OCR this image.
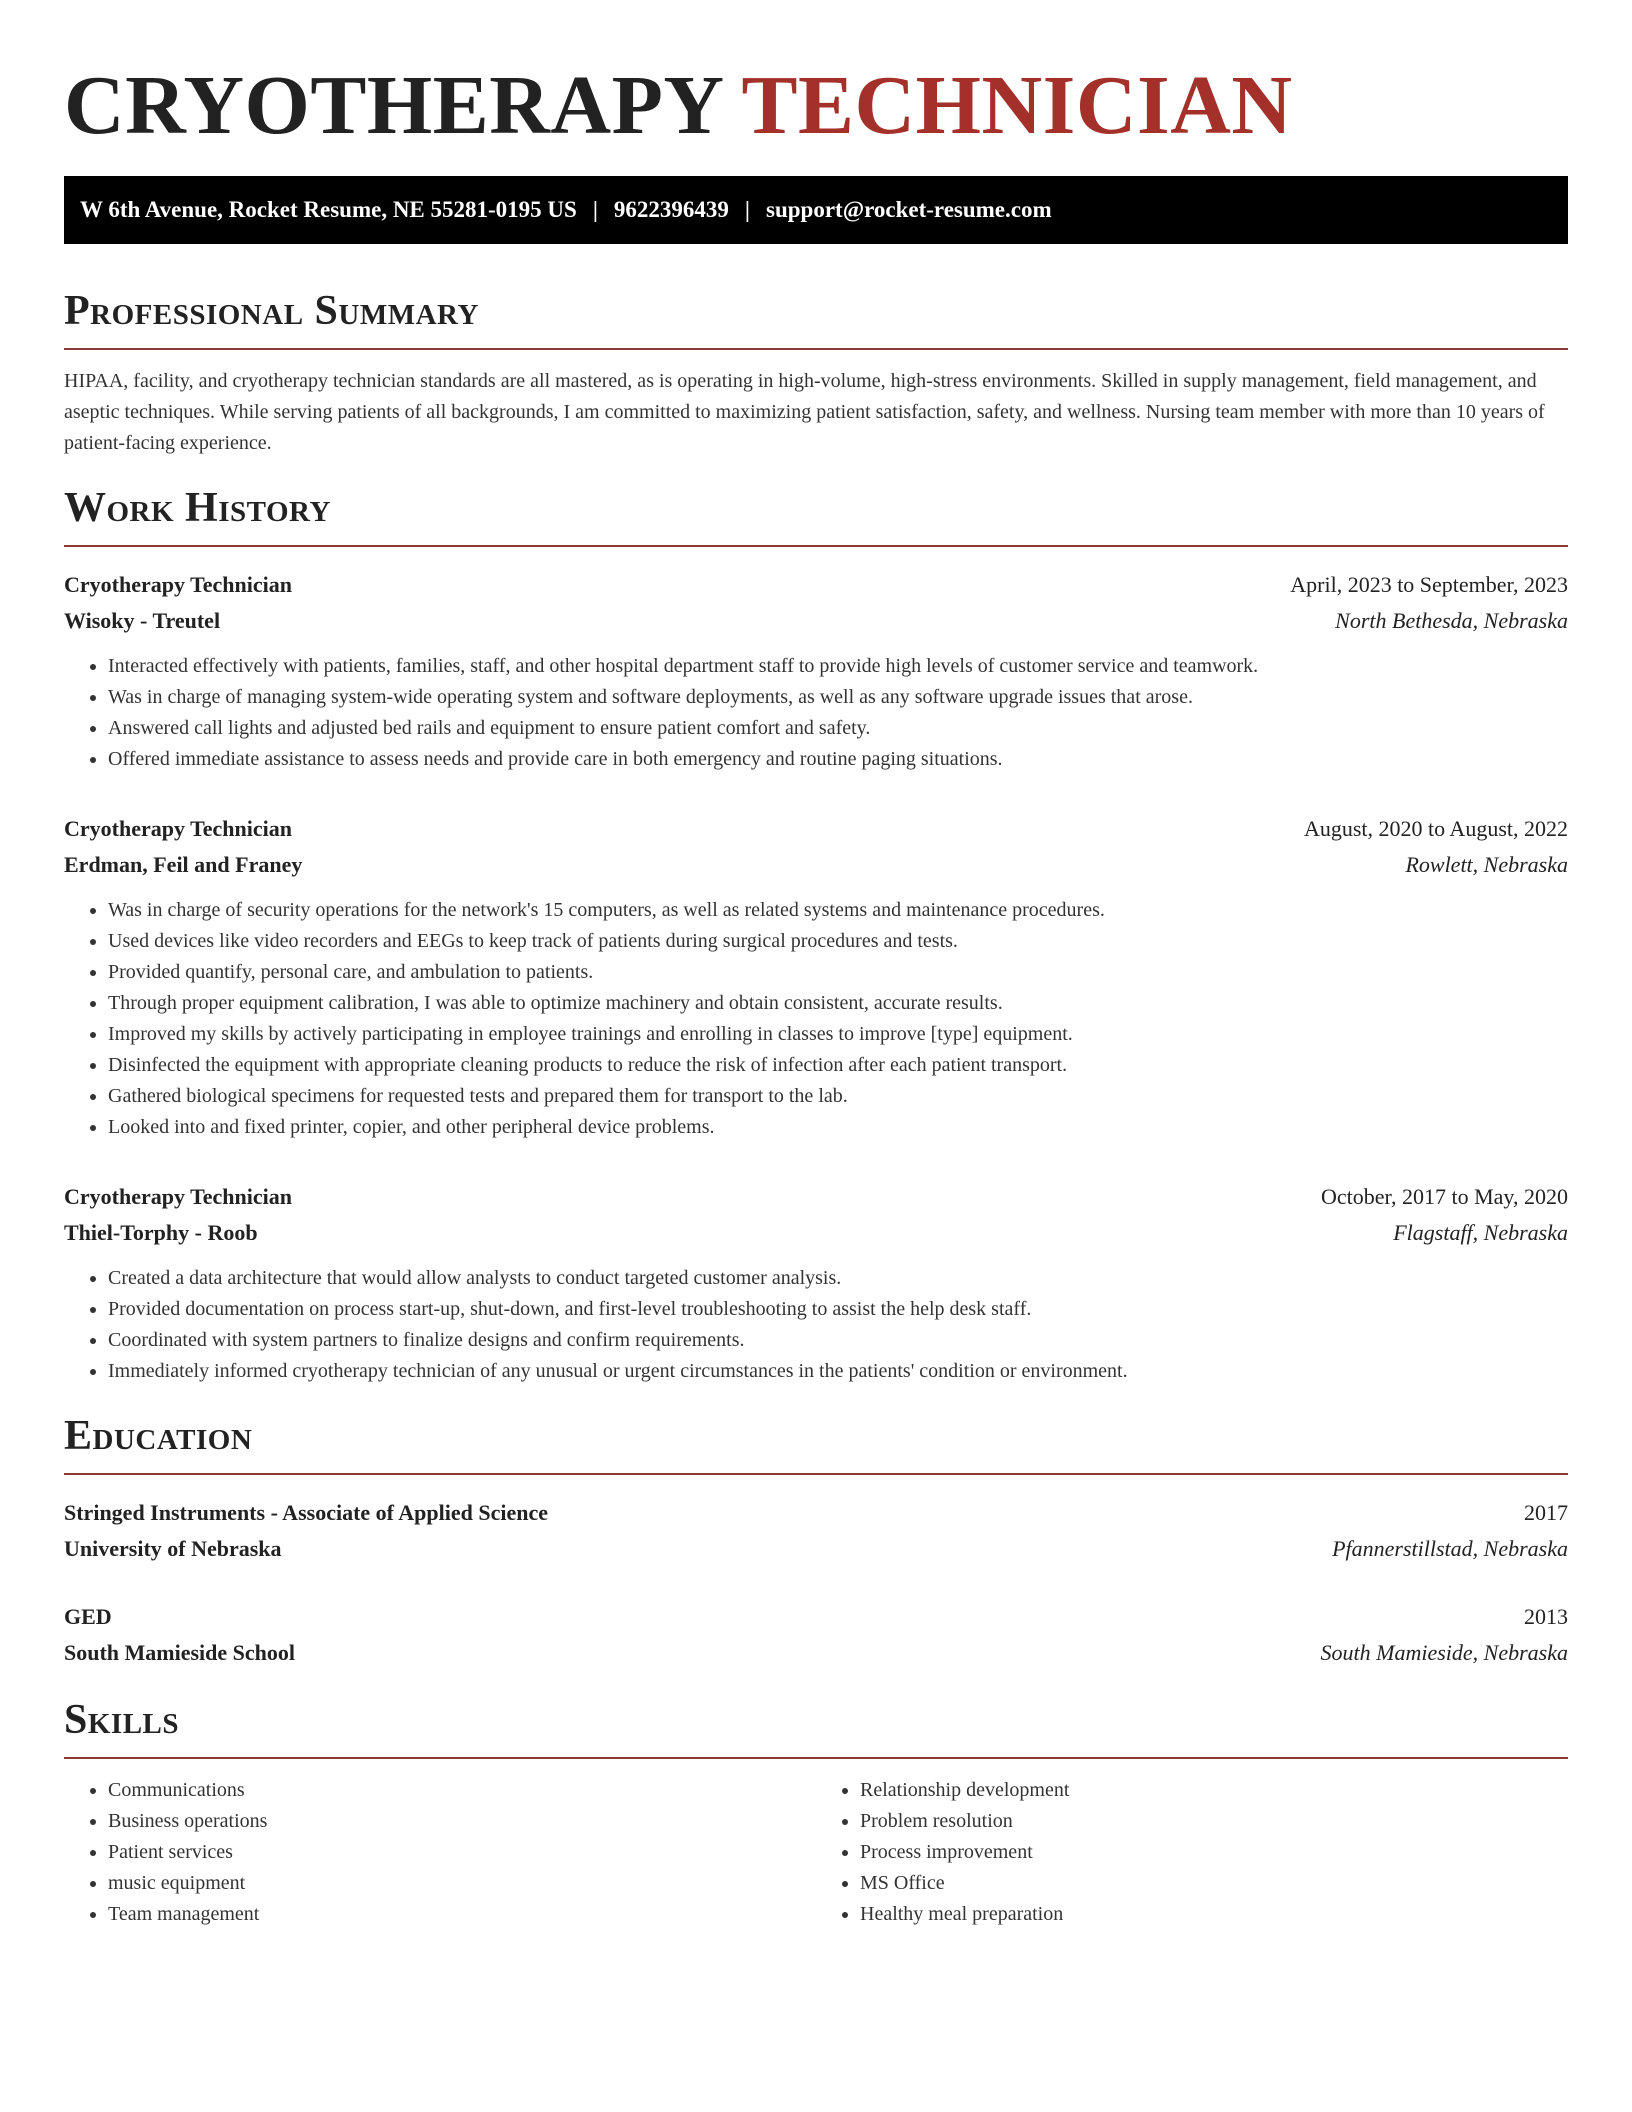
CRYOTHERAPY TECHNICIAN
W 6th Avenue, Rocket Resume, NE 55281-0195 US | 9622396439 | support@rocket-resume.com
Professional Summary

HIPAA, facility, and cryotherapy technician standards are all mastered, as is operating in high-volume, high-stress environments. Skilled in supply management, field management, and aseptic techniques. While serving patients of all backgrounds, I am committed to maximizing patient satisfaction, safety, and wellness. Nursing team member with more than 10 years of patient-facing experience.

Work History
Cryotherapy Technician	April, 2023 to September, 2023
Wisoky - Treutel	North Bethesda, Nebraska
• Interacted effectively with patients, families, staff, and other hospital department staff to provide high levels of customer service and teamwork.
• Was in charge of managing system-wide operating system and software deployments, as well as any software upgrade issues that arose.
• Answered call lights and adjusted bed rails and equipment to ensure patient comfort and safety.
• Offered immediate assistance to assess needs and provide care in both emergency and routine paging situations.
Cryotherapy Technician	August, 2020 to August, 2022
Erdman, Feil and Franey	Rowlett, Nebraska
• Was in charge of security operations for the network's 15 computers, as well as related systems and maintenance procedures.
• Used devices like video recorders and EEGs to keep track of patients during surgical procedures and tests.
• Provided quantify, personal care, and ambulation to patients.
• Through proper equipment calibration, I was able to optimize machinery and obtain consistent, accurate results.
• Improved my skills by actively participating in employee trainings and enrolling in classes to improve [type] equipment.
• Disinfected the equipment with appropriate cleaning products to reduce the risk of infection after each patient transport.
• Gathered biological specimens for requested tests and prepared them for transport to the lab.
• Looked into and fixed printer, copier, and other peripheral device problems.
Cryotherapy Technician	October, 2017 to May, 2020
Thiel-Torphy - Roob	Flagstaff, Nebraska
• Created a data architecture that would allow analysts to conduct targeted customer analysis.
• Provided documentation on process start-up, shut-down, and first-level troubleshooting to assist the help desk staff.
• Coordinated with system partners to finalize designs and confirm requirements.
• Immediately informed cryotherapy technician of any unusual or urgent circumstances in the patients' condition or environment.
Education
Stringed Instruments - Associate of Applied Science	2017
University of Nebraska	Pfannerstillstad, Nebraska
GED	2013
South Mamieside School	South Mamieside, Nebraska
Skills
• Communications
• Business operations
• Patient services
• music equipment
• Team management
• Relationship development
• Problem resolution
• Process improvement
• MS Office
• Healthy meal preparation
